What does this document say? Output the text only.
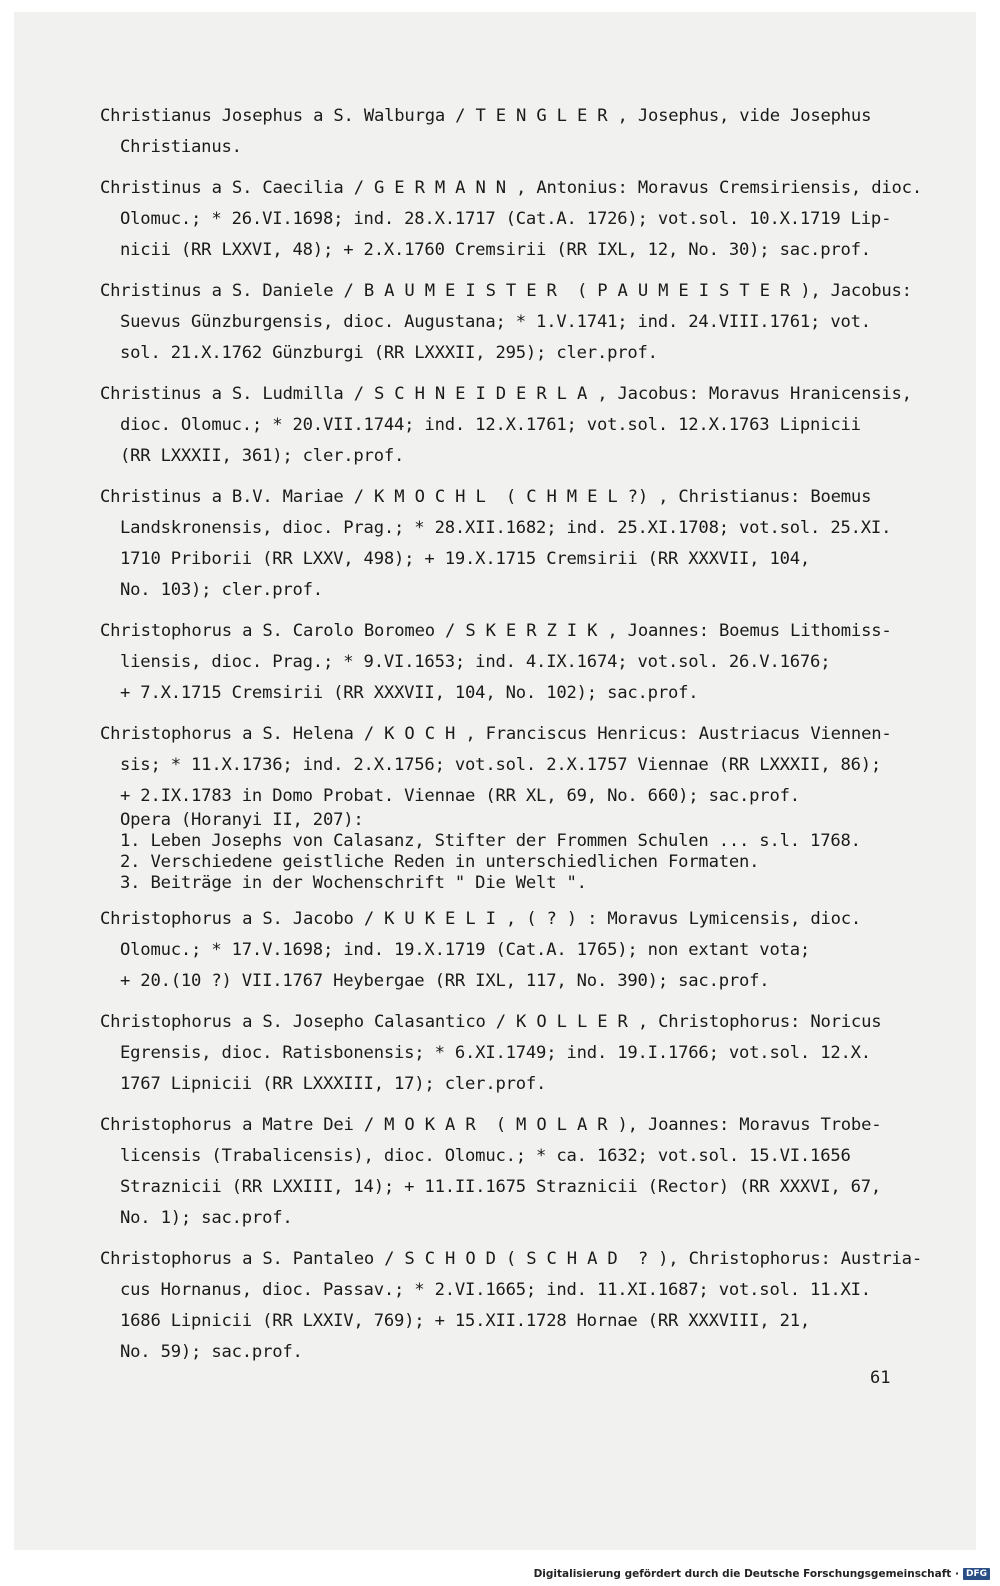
Christianus Josephus a S. Walburga / T E N G L E R , Josephus, vide Josephus
Christianus.
Christinus a S. Caecilia / G E R M A N N , Antonius: Moravus Cremsiriensis, dioc.
Olomuc.; * 26.VI.1698; ind. 28.X.1717 (Cat.A. 1726); vot.sol. 10.X.1719 Lip-
nicii (RR LXXVI, 48); + 2.X.1760 Cremsirii (RR IXL, 12, No. 30); sac.prof.
Christinus a S. Daniele / B A U M E I S T E R  ( P A U M E I S T E R ), Jacobus:
Suevus Günzburgensis, dioc. Augustana; * 1.V.1741; ind. 24.VIII.1761; vot.
sol. 21.X.1762 Günzburgi (RR LXXXII, 295); cler.prof.
Christinus a S. Ludmilla / S C H N E I D E R L A , Jacobus: Moravus Hranicensis,
dioc. Olomuc.; * 20.VII.1744; ind. 12.X.1761; vot.sol. 12.X.1763 Lipnicii
(RR LXXXII, 361); cler.prof.
Christinus a B.V. Mariae / K M O C H L  ( C H M E L ?) , Christianus: Boemus
Landskronensis, dioc. Prag.; * 28.XII.1682; ind. 25.XI.1708; vot.sol. 25.XI.
1710 Priborii (RR LXXV, 498); + 19.X.1715 Cremsirii (RR XXXVII, 104,
No. 103); cler.prof.
Christophorus a S. Carolo Boromeo / S K E R Z I K , Joannes: Boemus Lithomiss-
liensis, dioc. Prag.; * 9.VI.1653; ind. 4.IX.1674; vot.sol. 26.V.1676;
+ 7.X.1715 Cremsirii (RR XXXVII, 104, No. 102); sac.prof.
Christophorus a S. Helena / K O C H , Franciscus Henricus: Austriacus Viennen-
sis; * 11.X.1736; ind. 2.X.1756; vot.sol. 2.X.1757 Viennae (RR LXXXII, 86);
+ 2.IX.1783 in Domo Probat. Viennae (RR XL, 69, No. 660); sac.prof.
Opera (Horanyi II, 207):
1. Leben Josephs von Calasanz, Stifter der Frommen Schulen ... s.l. 1768.
2. Verschiedene geistliche Reden in unterschiedlichen Formaten.
3. Beiträge in der Wochenschrift " Die Welt ".
Christophorus a S. Jacobo / K U K E L I , ( ? ) : Moravus Lymicensis, dioc.
Olomuc.; * 17.V.1698; ind. 19.X.1719 (Cat.A. 1765); non extant vota;
+ 20.(10 ?) VII.1767 Heybergae (RR IXL, 117, No. 390); sac.prof.
Christophorus a S. Josepho Calasantico / K O L L E R , Christophorus: Noricus
Egrensis, dioc. Ratisbonensis; * 6.XI.1749; ind. 19.I.1766; vot.sol. 12.X.
1767 Lipnicii (RR LXXXIII, 17); cler.prof.
Christophorus a Matre Dei / M O K A R  ( M O L A R ), Joannes: Moravus Trobe-
licensis (Trabalicensis), dioc. Olomuc.; * ca. 1632; vot.sol. 15.VI.1656
Straznicii (RR LXXIII, 14); + 11.II.1675 Straznicii (Rector) (RR XXXVI, 67,
No. 1); sac.prof.
Christophorus a S. Pantaleo / S C H O D ( S C H A D  ? ), Christophorus: Austria-
cus Hornanus, dioc. Passav.; * 2.VI.1665; ind. 11.XI.1687; vot.sol. 11.XI.
1686 Lipnicii (RR LXXIV, 769); + 15.XII.1728 Hornae (RR XXXVIII, 21,
No. 59); sac.prof.
61
Digitalisierung gefördert durch die Deutsche Forschungsgemeinschaft · DFG
